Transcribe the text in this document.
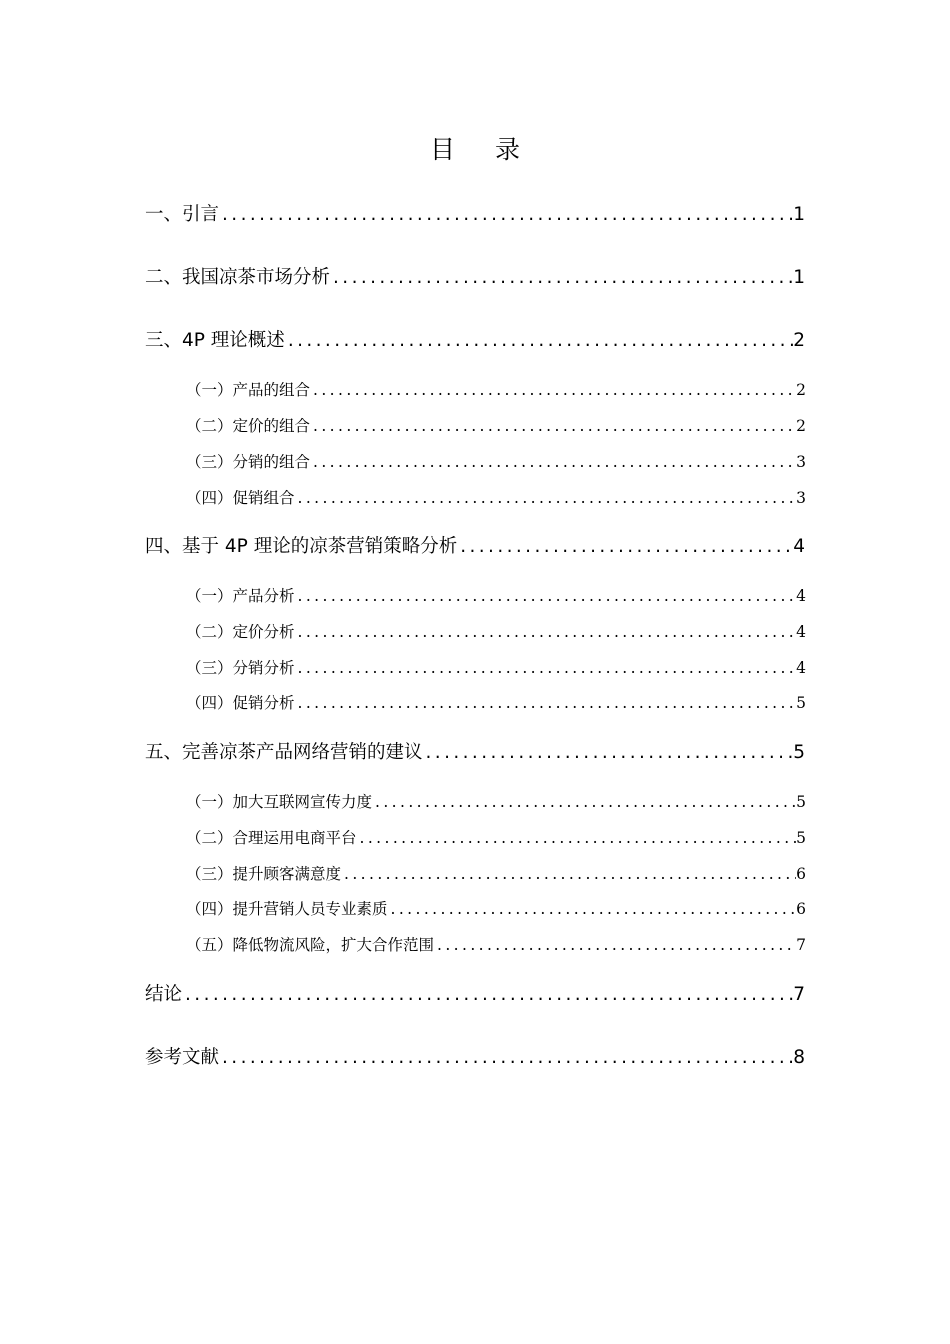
目 录
一、引言 .....	1
二、我国凉茶市场分析 .....	1
三、4P 理论概述 .....	2
（一）产品的组合 .....	2
（二）定价的组合 .....	2
（三）分销的组合 .....	3
（四）促销组合 .....	3
四、基于 4P 理论的凉茶营销策略分析 .....	4
（一）产品分析 .....	4
（二）定价分析 .....	4
（三）分销分析 .....	4
（四）促销分析 .....	5
五、完善凉茶产品网络营销的建议 .....	5
（一）加大互联网宣传力度 .....	5
（二）合理运用电商平台 .....	5
（三）提升顾客满意度 .....	6
（四）提升营销人员专业素质 .....	6
（五）降低物流风险，扩大合作范围 .....	7
结论 .....	7
参考文献 .....	8
